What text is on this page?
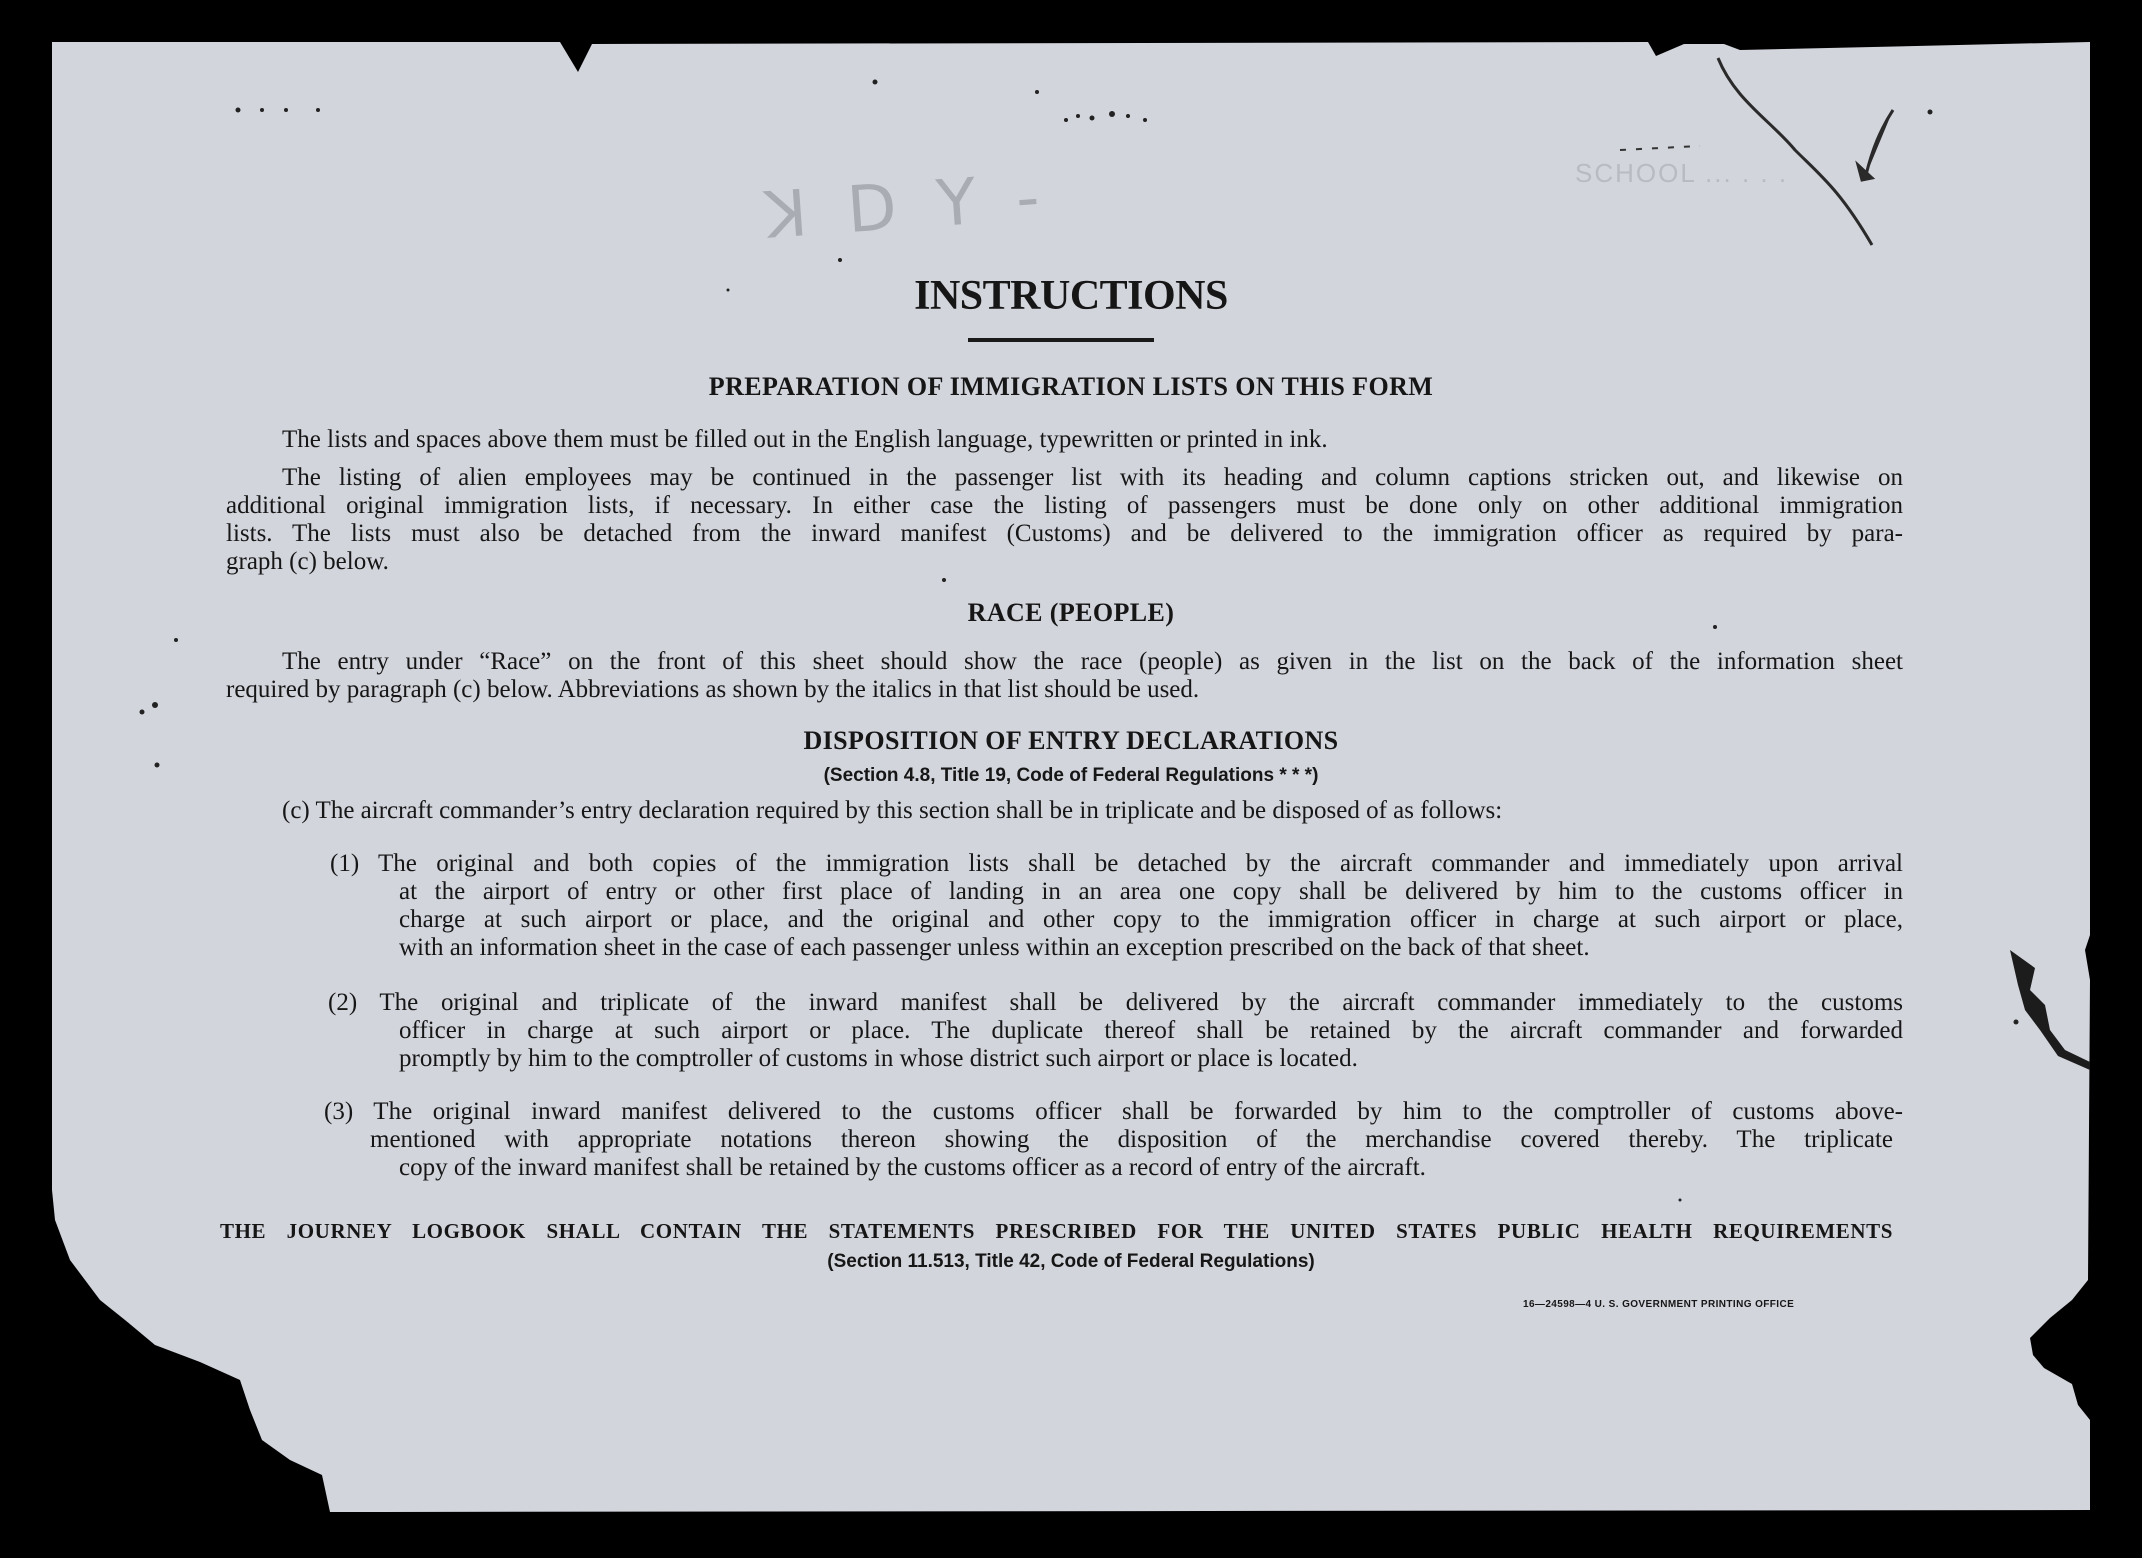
ꓘ D Y -	SCHOOL ... . . .
INSTRUCTIONS
PREPARATION OF IMMIGRATION LISTS ON THIS FORM
The lists and spaces above them must be filled out in the English language, typewritten or printed in ink.
The listing of alien employees may be continued in the passenger list with its heading and column captions stricken out, and likewise on
additional original immigration lists, if necessary. In either case the listing of passengers must be done only on other additional immigration
lists. The lists must also be detached from the inward manifest (Customs) and be delivered to the immigration officer as required by para-
graph (c) below.
RACE (PEOPLE)
The entry under “Race” on the front of this sheet should show the race (people) as given in the list on the back of the information sheet
required by paragraph (c) below. Abbreviations as shown by the italics in that list should be used.
DISPOSITION OF ENTRY DECLARATIONS
(Section 4.8, Title 19, Code of Federal Regulations * * *)
(c) The aircraft commander’s entry declaration required by this section shall be in triplicate and be disposed of as follows:
(1) The original and both copies of the immigration lists shall be detached by the aircraft commander and immediately upon arrival
at the airport of entry or other first place of landing in an area one copy shall be delivered by him to the customs officer in
charge at such airport or place, and the original and other copy to the immigration officer in charge at such airport or place,
with an information sheet in the case of each passenger unless within an exception prescribed on the back of that sheet.
(2) The original and triplicate of the inward manifest shall be delivered by the aircraft commander immediately to the customs
officer in charge at such airport or place. The duplicate thereof shall be retained by the aircraft commander and forwarded
promptly by him to the comptroller of customs in whose district such airport or place is located.
(3) The original inward manifest delivered to the customs officer shall be forwarded by him to the comptroller of customs above-
mentioned with appropriate notations thereon showing the disposition of the merchandise covered thereby. The triplicate
copy of the inward manifest shall be retained by the customs officer as a record of entry of the aircraft.
THE JOURNEY LOGBOOK SHALL CONTAIN THE STATEMENTS PRESCRIBED FOR THE UNITED STATES PUBLIC HEALTH REQUIREMENTS
(Section 11.513, Title 42, Code of Federal Regulations)
16—24598—4 U. S. GOVERNMENT PRINTING OFFICE
